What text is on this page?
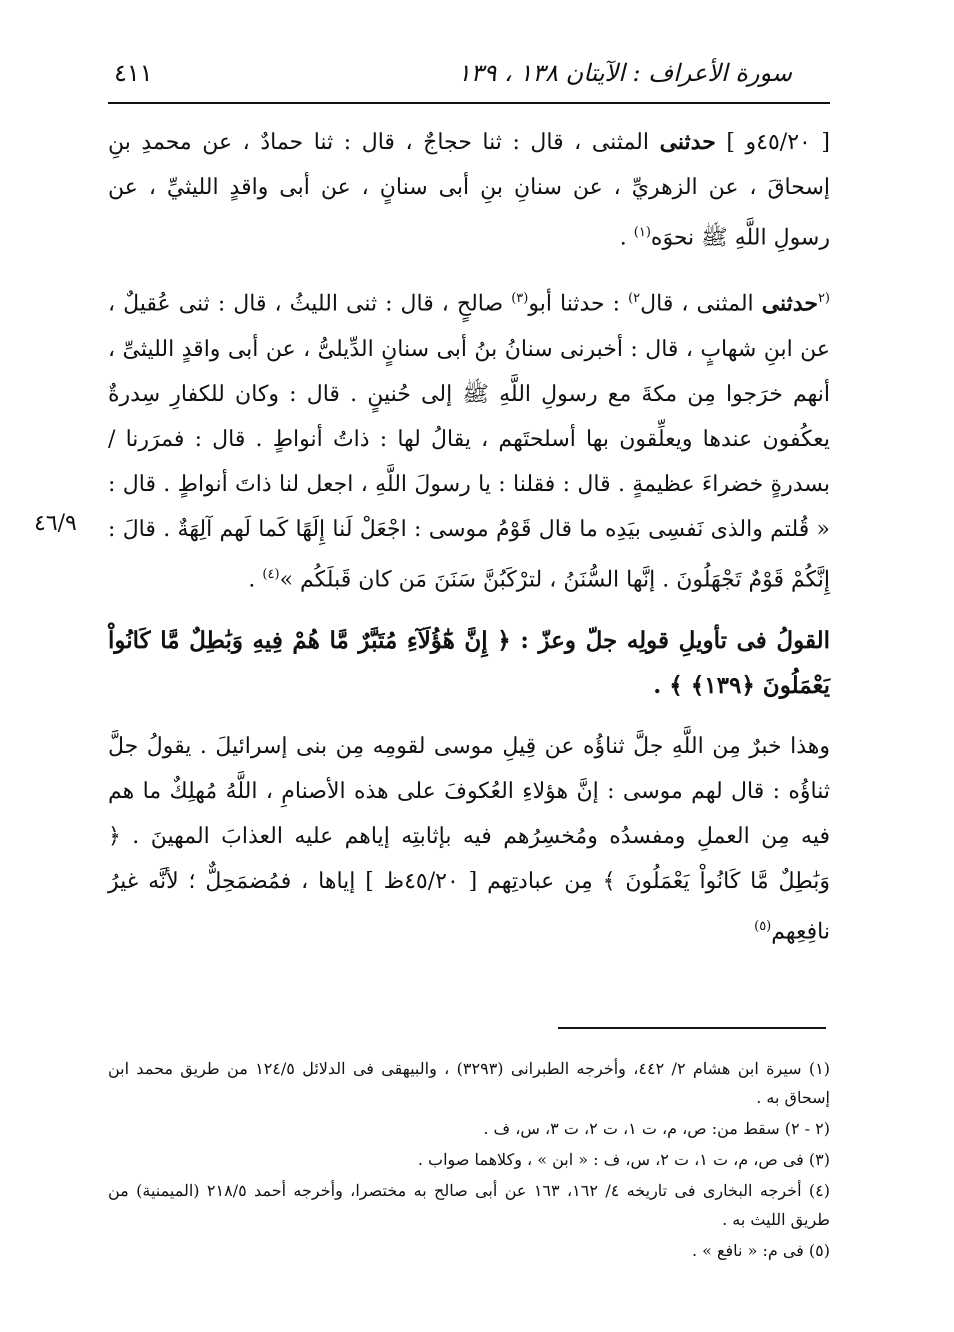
سورة الأعراف : الآيتان ١٣٨ ، ١٣٩
٤١١
٤٦/٩

[ ٤٥/٢٠و ] حدثنى المثنى ، قال : ثنا حجاجٌ ، قال : ثنا حمادٌ ، عن محمدِ بنِ إسحاقَ ، عن الزهريِّ ، عن سنانِ بنِ أبى سنانٍ ، عن أبى واقدٍ الليثيِّ ، عن رسولِ اللَّهِ ﷺ نحوَه$^{(١)}$ .

$^{(٢}$حدثنى المثنى ، قال$^{٢)}$ : حدثنا أبو$^{(٣)}$ صالحٍ ، قال : ثنى الليثُ ، قال : ثنى عُقيلٌ ، عن ابنِ شهابٍ ، قال : أخبرنى سنانُ بنُ أبى سنانٍ الدِّيلىُّ ، عن أبى واقدٍ الليثىِّ ، أنهم خرَجوا مِن مكةَ مع رسولِ اللَّهِ ﷺ إلى حُنينٍ . قال : وكان للكفارِ سِدرةٌ يعكُفون عندها ويعلِّقون بها أسلحتَهم ، يقالُ لها : ذاتُ أنواطٍ . قال : فمرَرنا / بسدرةٍ خضراءَ عظيمةٍ . قال : فقلنا : يا رسولَ اللَّهِ ، اجعل لنا ذاتَ أنواطٍ . قال : « قُلتم والذى نَفسِى بيَدِه ما قال قَوْمُ موسى : اجْعَلْ لَنا إِلَهًا كَما لَهم آلِهَةٌ . قالَ : إِنَّكُمْ قَوْمٌ تَجْهَلُونَ . إنَّها السُّنَنُ ، لترْكَبُنَّ سَنَنَ مَن كان قَبلَكُم »$^{(٤)}$ .

القولُ فى تأويلِ قولِه جلّ وعزّ : ﴿ إِنَّ هَٰٓؤُلَآءِ مُتَبَّرٌ مَّا هُمْ فِيهِ وَبَٰطِلٌ مَّا كَانُواْ يَعْمَلُونَ ﴿١٣٩﴾ ﴾ .

وهذا خبرٌ مِن اللَّهِ جلَّ ثناؤُه عن قِيلِ موسى لقومِه مِن بنى إسرائيلَ . يقولُ جلَّ ثناؤُه : قال لهم موسى : إنَّ هؤلاءِ العُكوفَ على هذه الأصنامِ ، اللَّهُ مُهلِكٌ ما هم فيه مِن العملِ ومفسدُه ومُخسِرُهم فيه بإثابتِه إياهم عليه العذابَ المهينَ . ﴿ وَبَٰطِلٌ مَّا كَانُواْ يَعْمَلُونَ ﴾ مِن عبادتِهم [ ٤٥/٢٠ظ ] إياها ، فمُضمَحِلٌّ ؛ لأنَّه غيرُ نافِعِهم$^{(٥)}$

(١) سيرة ابن هشام ٢/ ٤٤٢، وأخرجه الطبرانى (٣٢٩٣) ، والبيهقى فى الدلائل ١٢٤/٥ من طريق محمد ابن إسحاق به .

(٢ - ٢) سقط من: ص، م، ت ١، ت ٢، ت ٣، س، ف .

(٣) فى ص، م، ت ١، ت ٢، س، ف : « ابن » ، وكلاهما صواب .

(٤) أخرجه البخارى فى تاريخه ٤/ ١٦٢، ١٦٣ عن أبى صالح به مختصرا، وأخرجه أحمد ٢١٨/٥ (الميمنية) من طريق الليث به .

(٥) فى م: « نافع » .
